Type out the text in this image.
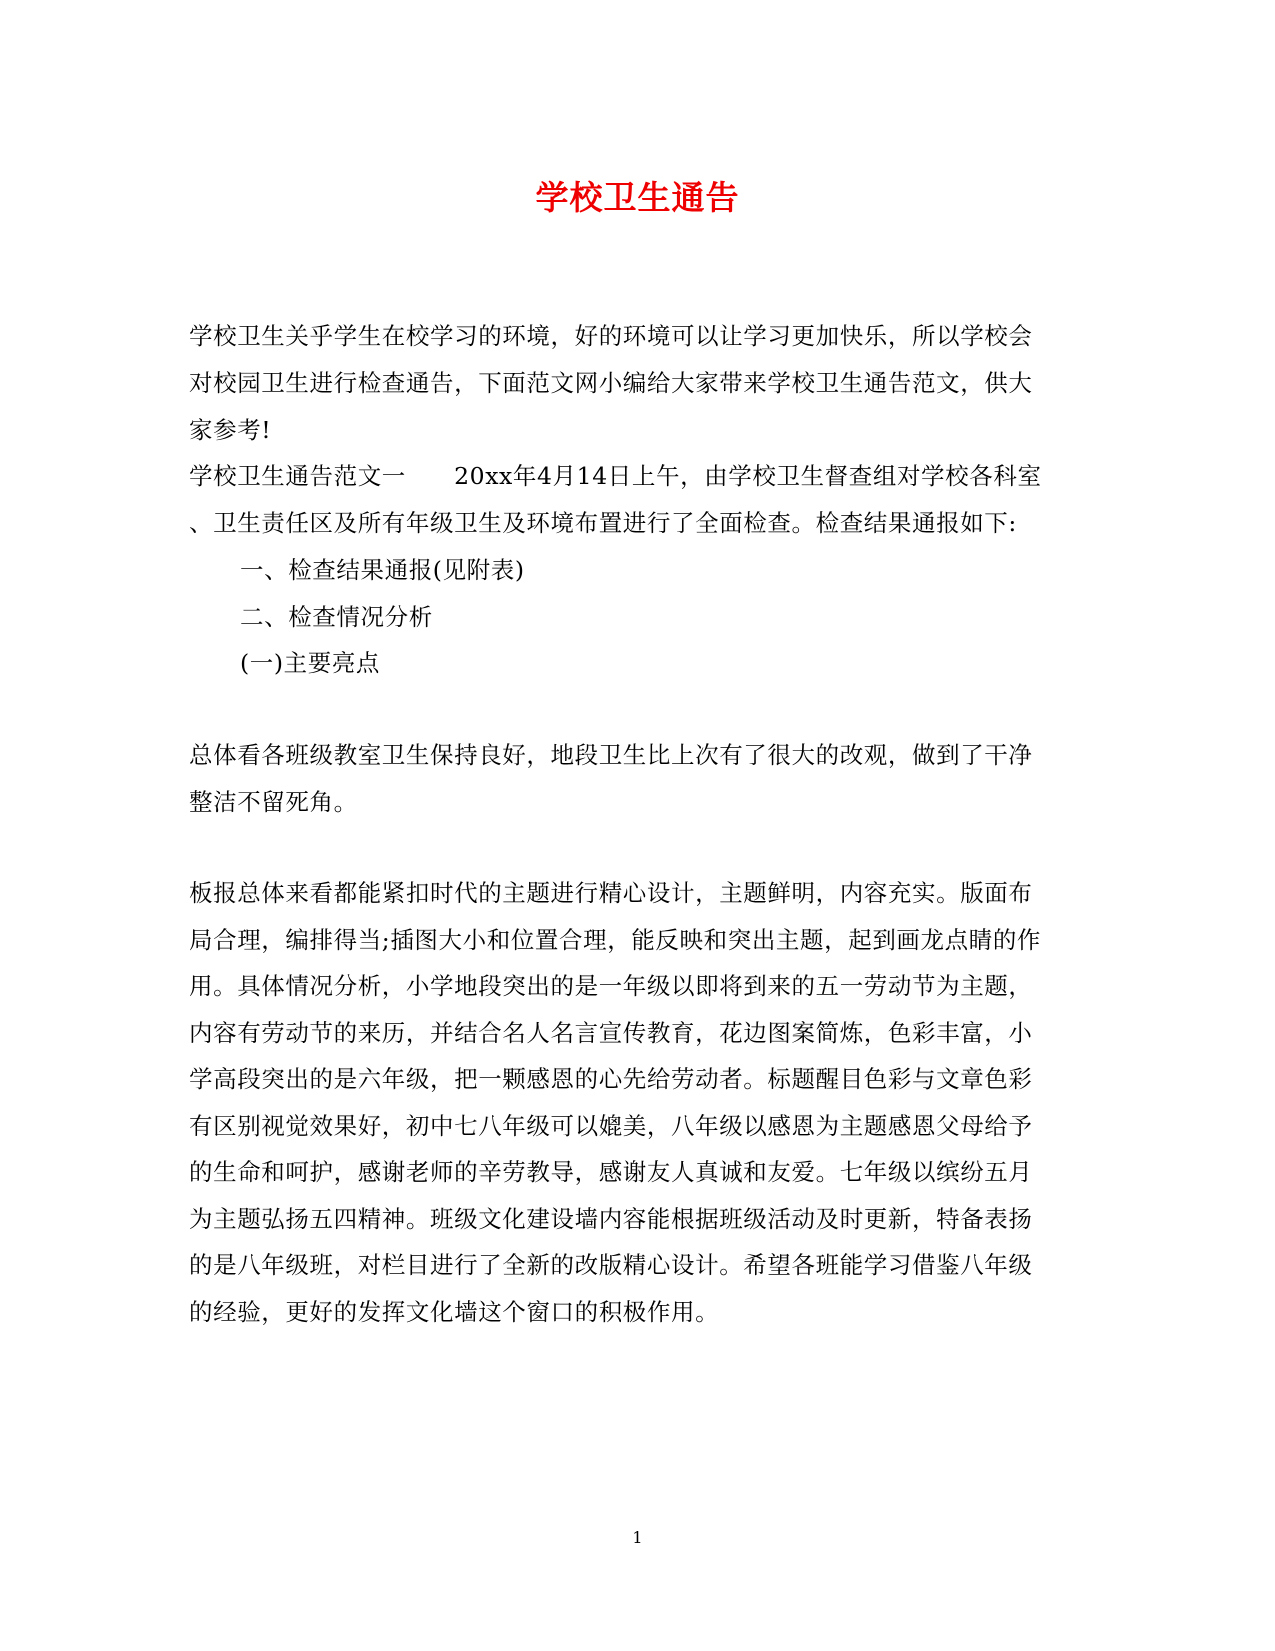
学校卫生通告
学校卫生关乎学生在校学习的环境，好的环境可以让学习更加快乐，所以学校会
对校园卫生进行检查通告，下面范文网小编给大家带来学校卫生通告范文，供大
家参考!
学校卫生通告范文一　　20xx年4月14日上午，由学校卫生督查组对学校各科室
、卫生责任区及所有年级卫生及环境布置进行了全面检查。检查结果通报如下:
一、检查结果通报(见附表)
二、检查情况分析
(一)主要亮点
总体看各班级教室卫生保持良好，地段卫生比上次有了很大的改观，做到了干净
整洁不留死角。
板报总体来看都能紧扣时代的主题进行精心设计，主题鲜明，内容充实。版面布
局合理，编排得当;插图大小和位置合理，能反映和突出主题，起到画龙点睛的作
用。具体情况分析，小学地段突出的是一年级以即将到来的五一劳动节为主题，
内容有劳动节的来历，并结合名人名言宣传教育，花边图案简炼，色彩丰富，小
学高段突出的是六年级，把一颗感恩的心先给劳动者。标题醒目色彩与文章色彩
有区别视觉效果好，初中七八年级可以媲美，八年级以感恩为主题感恩父母给予
的生命和呵护，感谢老师的辛劳教导，感谢友人真诚和友爱。七年级以缤纷五月
为主题弘扬五四精神。班级文化建设墙内容能根据班级活动及时更新，特备表扬
的是八年级班，对栏目进行了全新的改版精心设计。希望各班能学习借鉴八年级
的经验，更好的发挥文化墙这个窗口的积极作用。
1
